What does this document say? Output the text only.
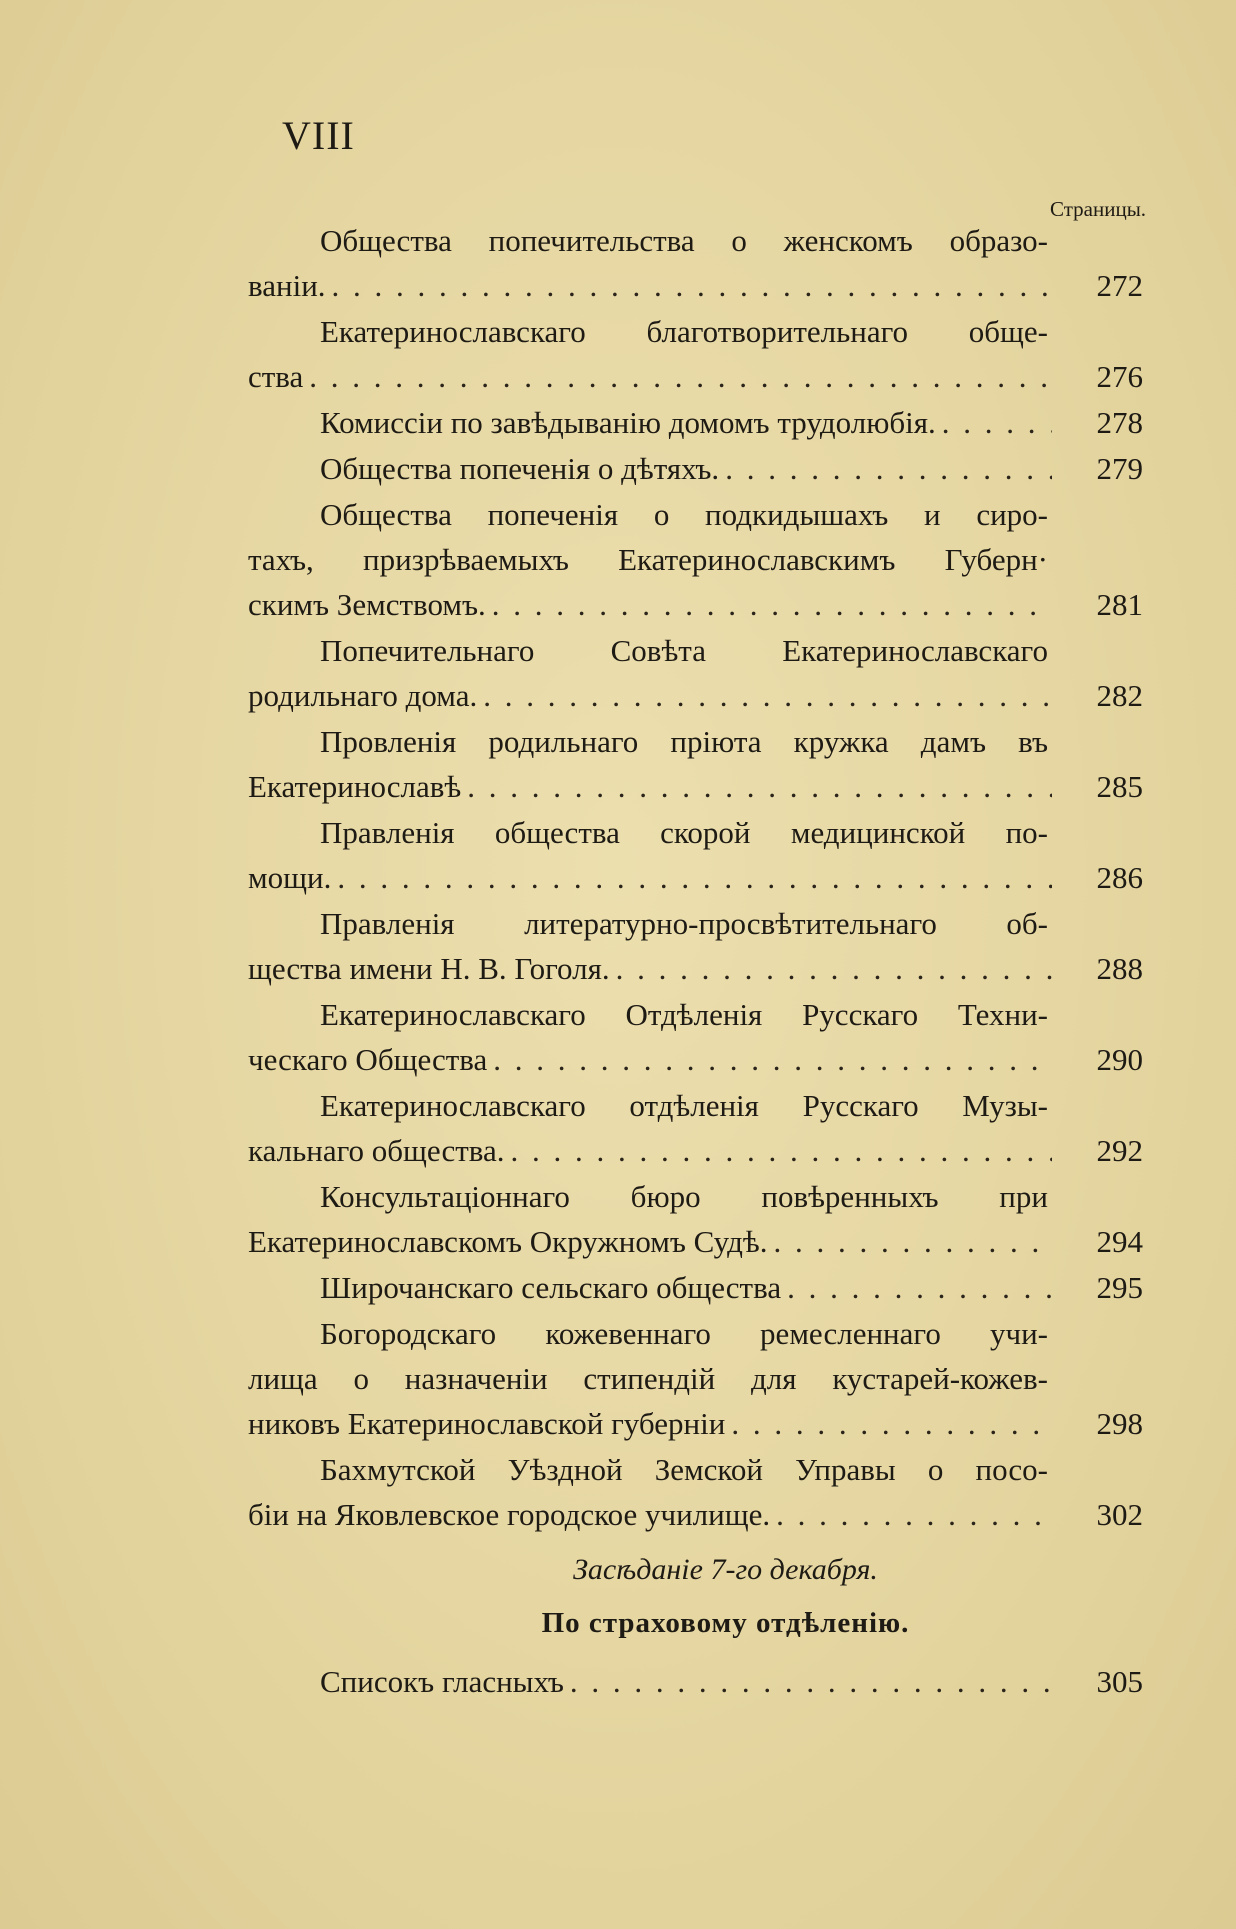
VIII
Страницы.
Общества попечительства о женскомъ образо-
ваніи. . . .	272
Екатеринославскаго благотворительнаго обще-
ства . . .	276
Комиссіи по завѣдыванію домомъ трудолюбія. . . .	278
Общества попеченія о дѣтяхъ. . . .	279
Общества попеченія о подкидышахъ и сиро-
тахъ, призрѣваемыхъ Екатеринославскимъ Губерн·
скимъ Земствомъ. . . .	281
Попечительнаго Совѣта Екатеринославскаго
родильнаго дома. . . .	282
Провленія родильнаго пріюта кружка дамъ въ
Екатеринославѣ . . .	285
Правленія общества скорой медицинской по-
мощи. . . .	286
Правленія литературно-просвѣтительнаго об-
щества имени Н. В. Гоголя. . . .	288
Екатеринославскаго Отдѣленія Русскаго Техни-
ческаго Общества . . .	290
Екатеринославскаго отдѣленія Русскаго Музы-
кальнаго общества. . . .	292
Консультаціоннаго бюро повѣренныхъ при
Екатеринославскомъ Окружномъ Судѣ. . . .	294
Широчанскаго сельскаго общества . . .	295
Богородскаго кожевеннаго ремесленнаго учи-
лища о назначеніи стипендій для кустарей-кожев-
никовъ Екатеринославской губерніи . . .	298
Бахмутской Уѣздной Земской Управы о посо-
біи на Яковлевское городское училище. . . .	302
Засѣданіе 7-го декабря.
По страховому отдѣленію.
Списокъ гласныхъ . . .	305
